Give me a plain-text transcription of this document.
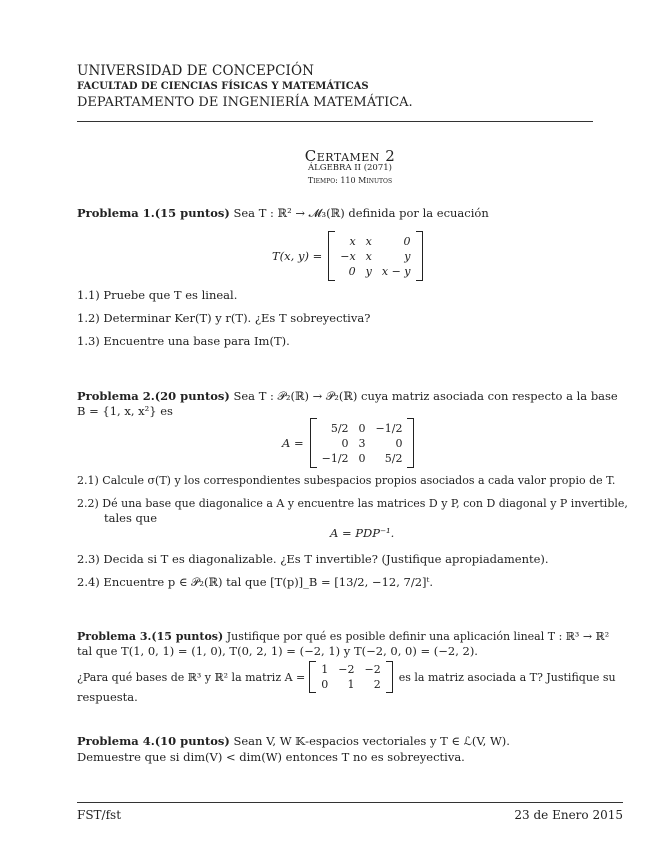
UNIVERSIDAD DE CONCEPCIÓN
FACULTAD DE CIENCIAS FÍSICAS Y MATEMÁTICAS
DEPARTAMENTO DE INGENIERÍA MATEMÁTICA.
Certamen 2
ÁLGEBRA II (2071)
Tiempo: 110 Minutos
Problema 1.(15 puntos) Sea T : ℝ² → 𝓜₃(ℝ) definida por la ecuación
T(x, y) =
x	x	0
−x	x	y
0	y	x − y
1.1) Pruebe que T es lineal.
1.2) Determinar Ker(T) y r(T). ¿Es T sobreyectiva?
1.3) Encuentre una base para Im(T).
Problema 2.(20 puntos) Sea T : 𝒫₂(ℝ) → 𝒫₂(ℝ) cuya matriz asociada con respecto a la base
B = {1, x, x²} es
A =
5/2	0	−1/2
0	3	0
−1/2	0	5/2
2.1) Calcule σ(T) y los correspondientes subespacios propios asociados a cada valor propio de T.
2.2) Dé una base que diagonalice a A y encuentre las matrices D y P, con D diagonal y P invertible,
tales que
A = PDP⁻¹.
2.3) Decida si T es diagonalizable. ¿Es T invertible? (Justifique apropiadamente).
2.4) Encuentre p ∈ 𝒫₂(ℝ) tal que [T(p)]_B = [13/2, −12, 7/2]ᵗ.
Problema 3.(15 puntos) Justifique por qué es posible definir una aplicación lineal T : ℝ³ → ℝ²
tal que T(1, 0, 1) = (1, 0), T(0, 2, 1) = (−2, 1) y T(−2, 0, 0) = (−2, 2).
¿Para qué bases de ℝ³ y ℝ² la matriz A =
1	−2	−2
0	1	2
es la matriz asociada a T? Justifique su
respuesta.
Problema 4.(10 puntos) Sean V, W 𝕂-espacios vectoriales y T ∈ ℒ(V, W).
Demuestre que si dim(V) < dim(W) entonces T no es sobreyectiva.
FST/fst	23 de Enero 2015
